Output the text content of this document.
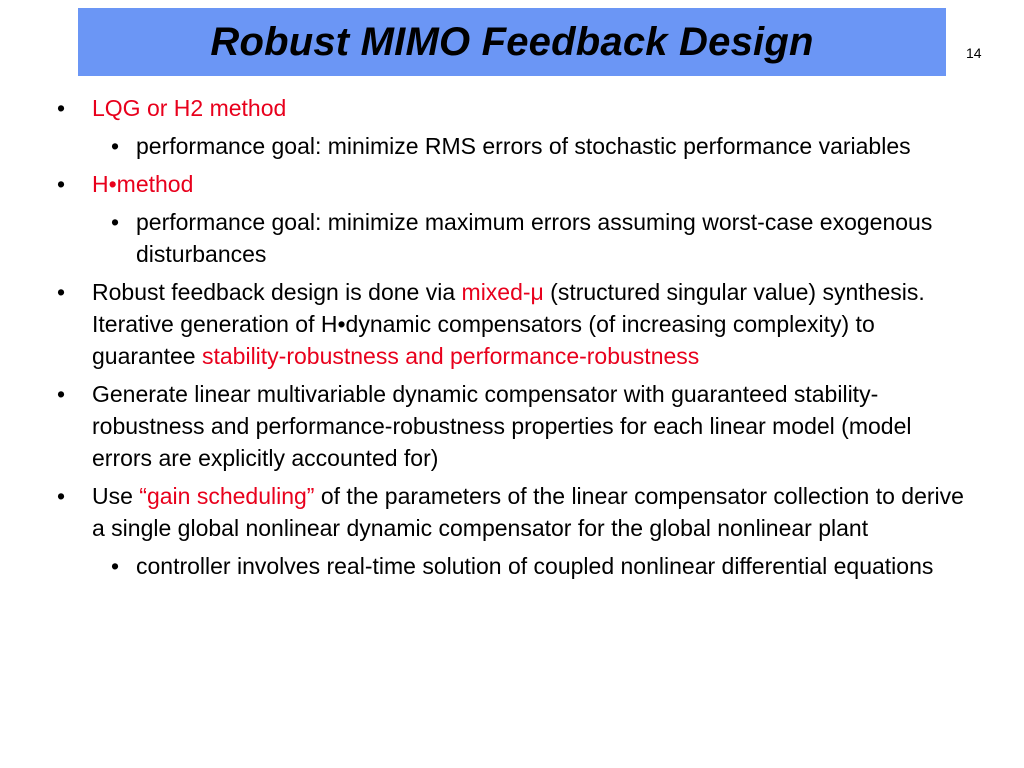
Robust MIMO Feedback Design	14
• LQG or H2 method
• performance goal: minimize RMS errors of stochastic performance variables
• H•method
• performance goal: minimize maximum errors assuming worst-case exogenous disturbances
• Robust feedback design is done via mixed-μ (structured singular value) synthesis. Iterative generation of H•dynamic compensators (of increasing complexity) to guarantee stability-robustness and performance-robustness
• Generate linear multivariable dynamic compensator with guaranteed stability-robustness and performance-robustness properties for each linear model (model errors are explicitly accounted for)
• Use “gain scheduling” of the parameters of the linear compensator collection to derive a single global nonlinear dynamic compensator for the global nonlinear plant
• controller involves real-time solution of coupled nonlinear differential equations
